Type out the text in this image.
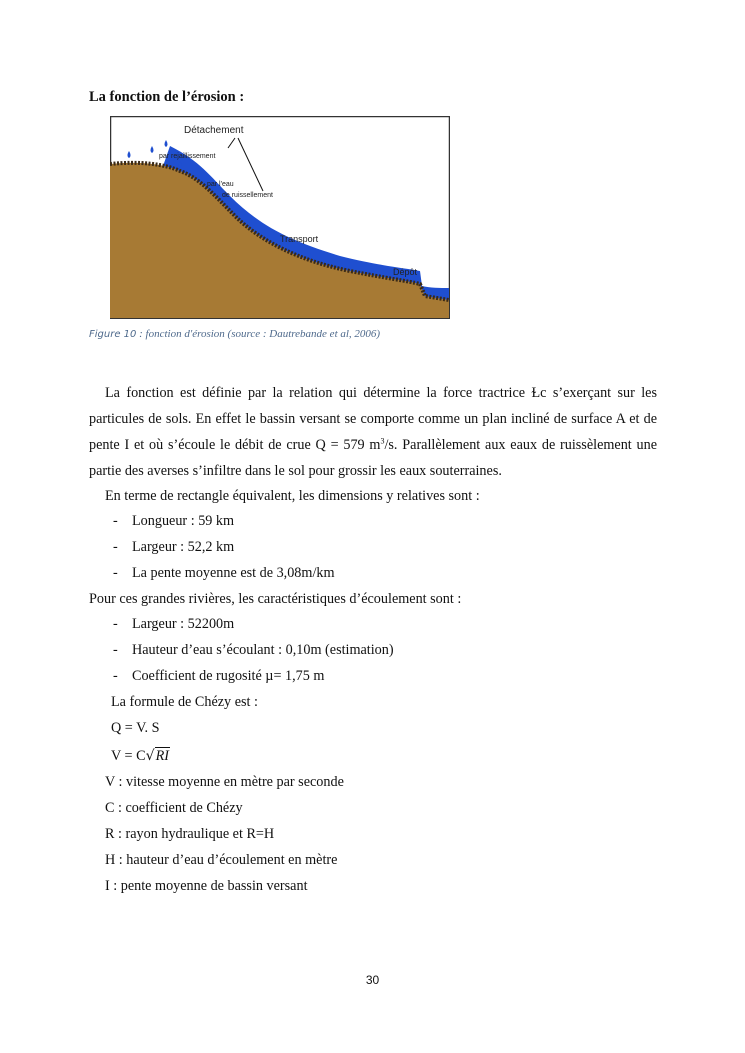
La fonction de l’érosion :
Détachement
par rejaillissement
par l'eau
de ruissellement
Transport
Dépôt
Figure 10 : fonction d'érosion (source : Dautrebande et al, 2006)

La fonction est définie par la relation qui détermine la force tractrice Ɫc s’exerçant sur les particules de sols. En effet le bassin versant se comporte comme un plan incliné de surface A et de pente I et où s’écoule le débit de crue Q = 579 $m^3/s$. Parallèlement aux eaux de ruissèlement une partie des averses s’infiltre dans le sol pour grossir les eaux souterraines.

En terme de rectangle équivalent, les dimensions y relatives sont :
- Longueur : 59 km
- Largeur : 52,2 km
- La pente moyenne est de 3,08m/km
Pour ces grandes rivières, les caractéristiques d’écoulement sont :
- Largeur : 52200m
- Hauteur d’eau s’écoulant : 0,10m (estimation)
- Coefficient de rugosité µ= 1,75 m
La formule de Chézy est :
Q = V. S
V = C√RI
V : vitesse moyenne en mètre par seconde
C : coefficient de Chézy
R : rayon hydraulique et R=H
H : hauteur d’eau d’écoulement en mètre
I : pente moyenne de bassin versant
30
